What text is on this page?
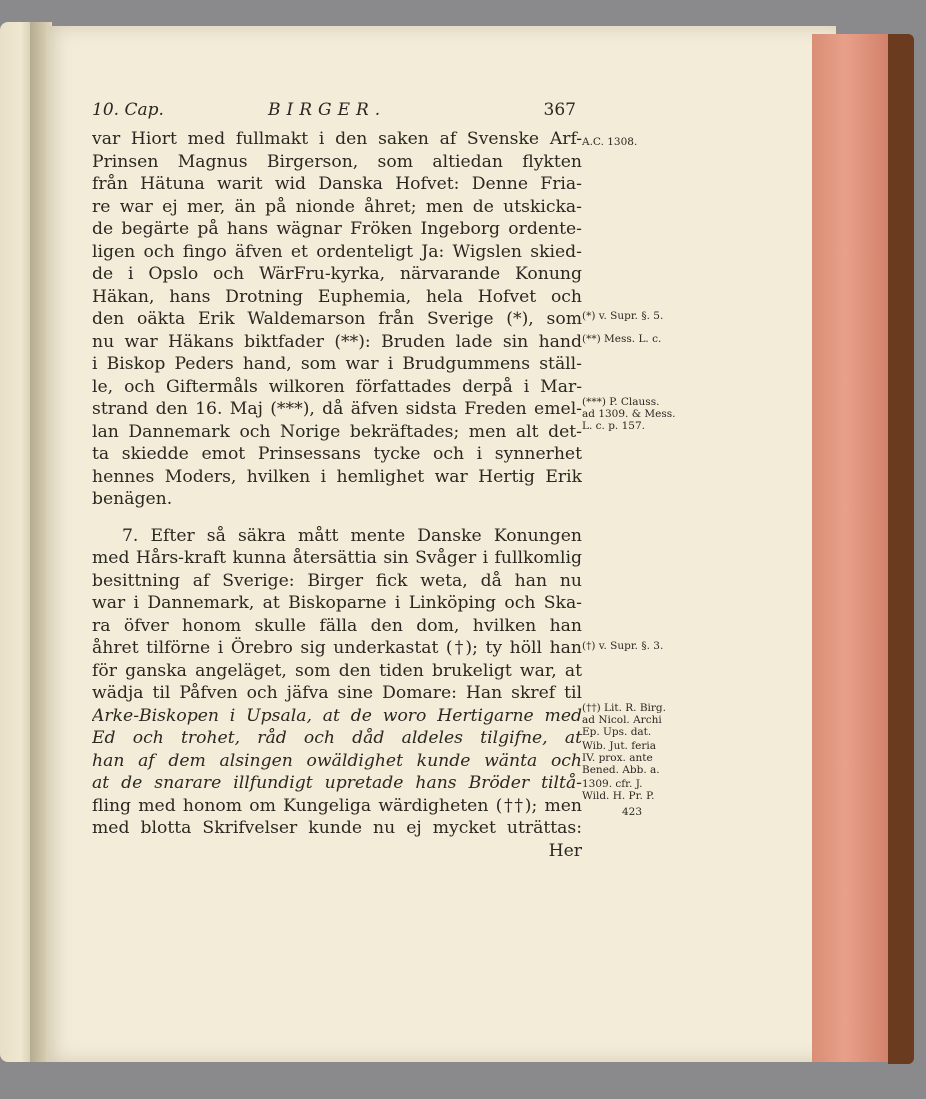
10. Cap.	BIRGER.	367
var Hiort med fullmakt i den saken af Svenske Arf-
Prinsen Magnus Birgerson, som altiedan flykten
från Hätuna warit wid Danska Hofvet: Denne Fria-
re war ej mer, än på nionde åhret; men de utskicka-
de begärte på hans wägnar Fröken Ingeborg ordente-
ligen och fingo äfven et ordenteligt Ja: Wigslen skied-
de i Opslo och WärFru-kyrka, närvarande Konung
Häkan, hans Drotning Euphemia, hela Hofvet och
den oäkta Erik Waldemarson från Sverige (*), som
nu war Häkans biktfader (**): Bruden lade sin hand
i Biskop Peders hand, som war i Brudgummens ställ-
le, och Giftermåls wilkoren författades derpå i Mar-
strand den 16. Maj (***), då äfven sidsta Freden emel-
lan Dannemark och Norige bekräftades; men alt det-
ta skiedde emot Prinsessans tycke och i synnerhet
hennes Moders, hvilken i hemlighet war Hertig Erik
benägen.
7. Efter så säkra mått mente Danske Konungen
med Hårs-kraft kunna återsättia sin Svåger i fullkomlig
besittning af Sverige: Birger fick weta, då han nu
war i Dannemark, at Biskoparne i Linköping och Ska-
ra öfver honom skulle fälla den dom, hvilken han
åhret tilförne i Örebro sig underkastat (†); ty höll han
för ganska angeläget, som den tiden brukeligt war, at
wädja til Påfven och jäfva sine Domare: Han skref til
Arke-Biskopen i Upsala, at de woro Hertigarne med
Ed och trohet, råd och dåd aldeles tilgifne, at
han af dem alsingen owäldighet kunde wänta och
at de snarare illfundigt upretade hans Bröder tiltå-
fling med honom om Kungeliga wärdigheten (††); men
med blotta Skrifvelser kunde nu ej mycket uträttas:
Her
A.C. 1308.
(*) v. Supr. §. 5.
(**) Mess. L. c.
(***) P. Clauss.
ad 1309. & Mess.
L. c. p. 157.
(†) v. Supr. §. 3.
(††) Lit. R. Birg.
ad Nicol. Archi
Ep. Ups. dat.
Wib. Jut. feria
IV. prox. ante
Bened. Abb. a.
1309. cfr. J.
Wild. H. Pr. P.
423
